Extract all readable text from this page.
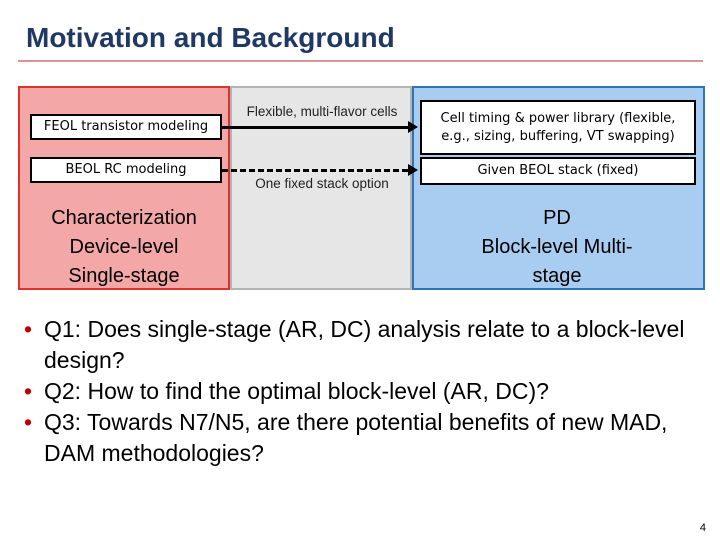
Motivation and Background
FEOL transistor modeling
BEOL RC modeling
Characterization
Device-level
Single-stage
Flexible, multi-flavor cells
One fixed stack option
Cell timing & power library (flexible,
e.g., sizing, buffering, VT swapping)
Given BEOL stack (fixed)
PD
Block-level Multi-
stage
• Q1: Does single-stage (AR, DC) analysis relate to a block-level design?
• Q2: How to find the optimal block-level (AR, DC)?
• Q3: Towards N7/N5, are there potential benefits of new MAD, DAM methodologies?
4
